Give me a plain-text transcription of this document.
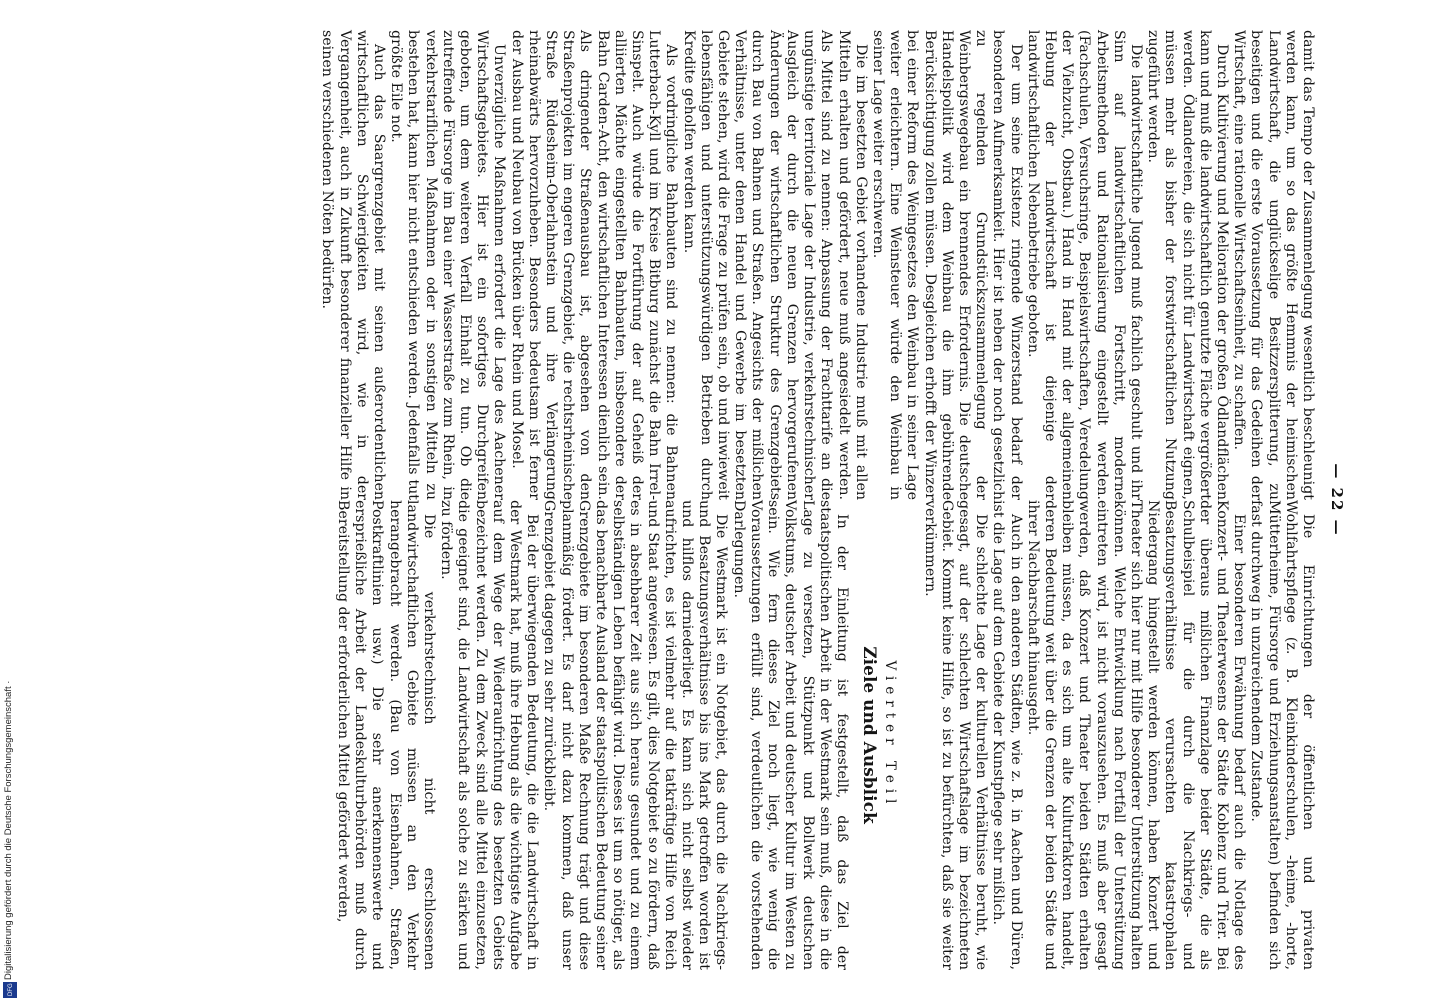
— 22 —

Die Einrichtungen der öffentlichen und privaten Wohlfahrtspflege (z. B. Kleinkinderschulen, -heime, -horte, Mütterheime, Fürsorge und Erziehungsanstalten) befinden sich fast durchweg in unzureichendem Zustande.

Einer besonderen Erwähnung bedarf auch die Notlage des Konzert- und Theaterwesens der Städte Koblenz und Trier. Bei der überaus mißlichen Finanzlage beider Städte, die als Schulbeispiel für die durch die Nachkriegs- und Besatzungsverhältnisse verursachten katastrophalen Niedergang hingestellt werden können, haben Konzert und Theater sich hier nur mit Hilfe besonderer Unterstützung halten können. Welche Entwicklung nach Fortfall der Unterstützung eintreten wird, ist nicht vorauszusehen. Es muß aber gesagt werden, daß Konzert und Theater beiden Städten erhalten bleiben müssen, da es sich um alte Kulturfaktoren handelt, deren Bedeutung weit über die Grenzen der beiden Städte und ihrer Nachbarschaft hinausgeht.

Auch in den anderen Städten, wie z. B. in Aachen und Düren, ist die Lage auf dem Gebiete der Kunstpflege sehr mißlich.

Die schlechte Lage der kulturellen Verhältnisse beruht, wie gesagt, auf der schlechten Wirtschaftslage im bezeichneten Gebiet. Kommt keine Hilfe, so ist zu befürchten, daß sie weiter verkümmern.

Vierter Teil
Ziele und Ausblick

In der Einleitung ist festgestellt, daß das Ziel der staatspolitischen Arbeit in der Westmark sein muß, diese in die Lage zu versetzen, Stützpunkt und Bollwerk deutschen Volkstums, deutscher Arbeit und deutscher Kultur im Westen zu sein. Wie fern dieses Ziel noch liegt, wie wenig die Voraussetzungen erfüllt sind, verdeutlichen die vorstehenden Darlegungen.

Die Westmark ist ein Notgebiet, das durch die Nachkriegs- und Besatzungsverhältnisse bis ins Mark getroffen worden ist und hilflos darniederliegt. Es kann sich nicht selbst wieder aufrichten, es ist vielmehr auf die tatkräftige Hilfe von Reich und Staat angewiesen. Es gilt, dies Notgebiet so zu fördern, daß es in absehbarer Zeit aus sich heraus gesundet und zu einem selbständigen Leben befähigt wird. Dieses ist um so nötiger, als das benachbarte Ausland der staatspolitischen Bedeutung seiner Grenzgebiete im besonderen Maße Rechnung trägt und diese planmäßig fördert. Es darf nicht dazu kommen, daß unser Grenzgebiet dagegen zu sehr zurückbleibt.

Bei der überwiegenden Bedeutung, die die Landwirtschaft in der Westmark hat, muß ihre Hebung als die wichtigste Aufgabe auf dem Wege der Wiederaufrichtung des besetzten Gebiets bezeichnet werden. Zu dem Zweck sind alle Mittel einzusetzen, die geeignet sind, die Landwirtschaft als solche zu stärken und zu fördern.

Die verkehrstechnisch nicht erschlossenen landwirtschaftlichen Gebiete müssen an den Verkehr herangebracht werden. (Bau von Eisenbahnen, Straßen, Postkraftlinien usw.) Die sehr anerkennenswerte und ersprießliche Arbeit der Landeskulturbehörden muß durch Bereitstellung der erforderlichen Mittel gefördert werden,

damit das Tempo der Zusammenlegung wesentlich beschleunigt werden kann, um so das größte Hemmnis der heimischen Landwirtschaft, die unglückselige Besitzzersplitterung, zu beseitigen und die erste Voraussetzung für das Gedeihen der Wirtschaft, eine rationelle Wirtschaftseinheit, zu schaffen.

Durch Kultivierung und Melioration der großen Ödlandflächen kann und muß die landwirtschaftlich genutzte Fläche vergrößert werden. Ödlandereien, die sich nicht für Landwirtschaft eignen, müssen mehr als bisher der forstwirtschaftlichen Nutzung zugeführt werden.

Die landwirtschaftliche Jugend muß fachlich geschult und ihr Sinn auf landwirtschaftlichen Fortschritt, moderne Arbeitsmethoden und Rationalisierung eingestellt werden. (Fachschulen, Versuchsringe, Beispielswirtschaften, Veredelung der Viehzucht, Obstbau.) Hand in Hand mit der allgemeinen Hebung der Landwirtschaft ist diejenige der landwirtschaftlichen Nebenbetriebe geboten.

Der um seine Existenz ringende Winzerstand bedarf der besonderen Aufmerksamkeit. Hier ist neben der noch gesetzlich zu regelnden Grundstückszusammenlegung der Weinbergswegebau ein brennendes Erfordernis. Die deutsche Handelspolitik wird dem Weinbau die ihm gebührende Berücksichtigung zollen müssen. Desgleichen erhofft der Winzer bei einer Reform des Weingesetzes den Weinbau in seiner Lage weiter erleichtern. Eine Weinsteuer würde den Weinbau in seiner Lage weiter erschweren.

Die im besetzten Gebiet vorhandene Industrie muß mit allen Mitteln erhalten und gefördert, neue muß angesiedelt werden. Als Mittel sind zu nennen: Anpassung der Frachttarife an die ungünstige territoriale Lage der Industrie, verkehrstechnischer Ausgleich der durch die neuen Grenzen hervorgerufenen Änderungen der wirtschaftlichen Struktur des Grenzgebiets durch Bau von Bahnen und Straßen. Angesichts der mißlichen Verhältnisse, unter denen Handel und Gewerbe im besetzten Gebiete stehen, wird die Frage zu prüfen sein, ob und inwieweit lebensfähigen und unterstützungswürdigen Betrieben durch Kredite geholfen werden kann.

Als vordringliche Bahnbauten sind zu nennen: die Bahnen Lutterbach-Kyll und im Kreise Bitburg zunächst die Bahn Irrel-Sinspelt. Auch würde die Fortführung der auf Geheiß der alliierten Mächte eingestellten Bahnbauten, insbesondere der Bahn Carden-Acht, den wirtschaftlichen Interessen dienlich sein. Als dringender Straßenausbau ist, abgesehen von den Straßenprojekten im engeren Grenzgebiet, die rechtsrheinische Straße Rüdesheim-Oberlahnstein und ihre Verlängerung rheinabwärts hervorzuheben. Besonders bedeutsam ist ferner der Ausbau und Neubau von Brücken über Rhein und Mosel.

Unverzügliche Maßnahmen erfordert die Lage des Aachener Wirtschaftsgebietes. Hier ist ein sofortiges Durchgreifen geboten, um dem weiteren Verfall Einhalt zu tun. Ob die zutreffende Fürsorge im Bau einer Wasserstraße zum Rhein, in verkehrstariflichen Maßnahmen oder in sonstigen Mitteln zu bestehen hat, kann hier nicht entschieden werden. Jedenfalls tut größte Eile not.

Auch das Saargrenzgebiet mit seinen außerordentlichen wirtschaftlichen Schwierigkeiten wird, wie in der Vergangenheit, auch in Zukunft besonderer finanzieller Hilfe in seinen verschiedenen Nöten bedürfen.

Digitalisierung gefördert durch die Deutsche Forschungsgemeinschaft ·
DFG
